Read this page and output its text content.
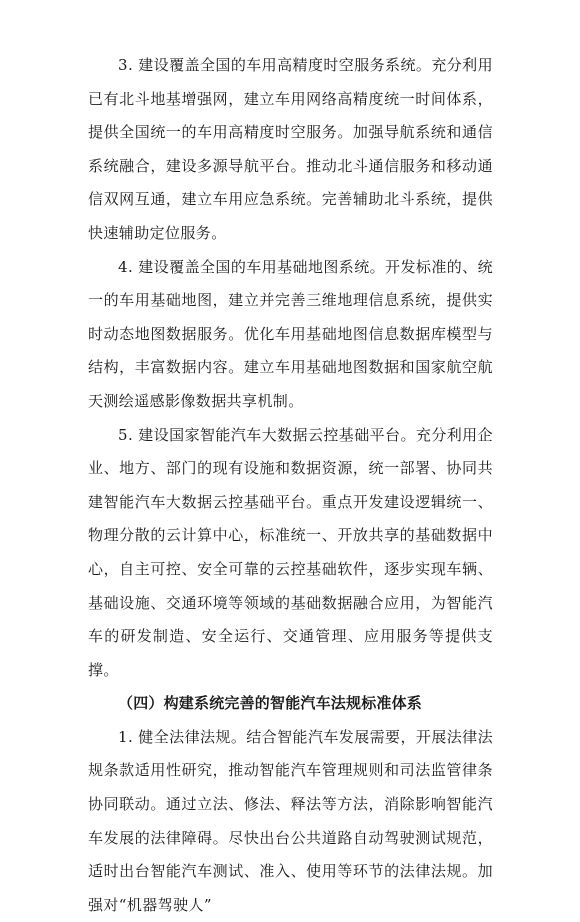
3. 建设覆盖全国的车用高精度时空服务系统。充分利用已有北斗地基增强网，建立车用网络高精度统一时间体系，提供全国统一的车用高精度时空服务。加强导航系统和通信系统融合，建设多源导航平台。推动北斗通信服务和移动通信双网互通，建立车用应急系统。完善辅助北斗系统，提供快速辅助定位服务。

4. 建设覆盖全国的车用基础地图系统。开发标准的、统一的车用基础地图，建立并完善三维地理信息系统，提供实时动态地图数据服务。优化车用基础地图信息数据库模型与结构，丰富数据内容。建立车用基础地图数据和国家航空航天测绘遥感影像数据共享机制。

5. 建设国家智能汽车大数据云控基础平台。充分利用企业、地方、部门的现有设施和数据资源，统一部署、协同共建智能汽车大数据云控基础平台。重点开发建设逻辑统一、物理分散的云计算中心，标准统一、开放共享的基础数据中心，自主可控、安全可靠的云控基础软件，逐步实现车辆、基础设施、交通环境等领域的基础数据融合应用，为智能汽车的研发制造、安全运行、交通管理、应用服务等提供支撑。

（四）构建系统完善的智能汽车法规标准体系

1. 健全法律法规。结合智能汽车发展需要，开展法律法规条款适用性研究，推动智能汽车管理规则和司法监管律条协同联动。通过立法、修法、释法等方法，消除影响智能汽车发展的法律障碍。尽快出台公共道路自动驾驶测试规范，适时出台智能汽车测试、准入、使用等环节的法律法规。加强对“机器驾驶人”
